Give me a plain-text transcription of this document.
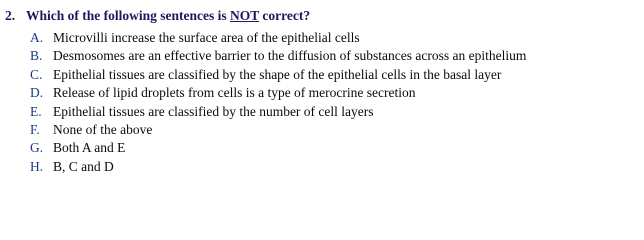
2. Which of the following sentences is NOT correct?
A. Microvilli increase the surface area of the epithelial cells
B. Desmosomes are an effective barrier to the diffusion of substances across an epithelium
C. Epithelial tissues are classified by the shape of the epithelial cells in the basal layer
D. Release of lipid droplets from cells is a type of merocrine secretion
E. Epithelial tissues are classified by the number of cell layers
F. None of the above
G. Both A and E
H. B, C and D
